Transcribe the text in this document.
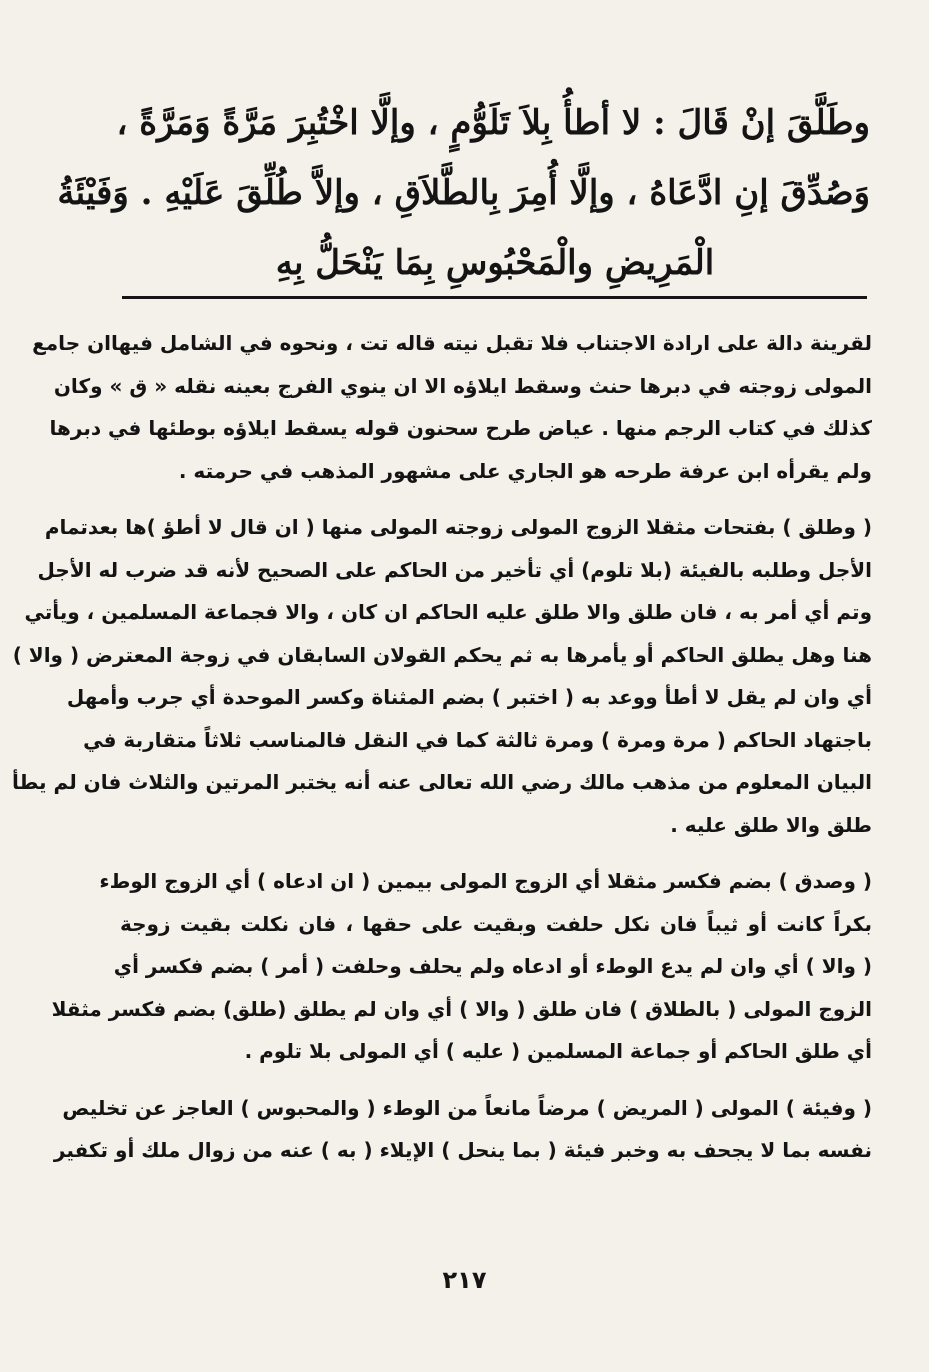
وطَلَّقَ إنْ قَالَ : لا أطأُ بِلاَ تَلَوُّمٍ ، وإلَّا اخْتُبِرَ مَرَّةً وَمَرَّةً ،
وَصُدِّقَ إنِ ادَّعَاهُ ، وإلَّا أُمِرَ بِالطَّلاَقِ ، وإلاَّ طُلِّقَ عَلَيْهِ . وَفَيْئَةُ
الْمَرِيضِ والْمَحْبُوسِ بِمَا يَنْحَلُّ بِهِ
لقرينة دالة على ارادة الاجتناب فلا تقبل نيته قاله تت ، ونحوه في الشامل فيهاان جامع
المولى زوجته في دبرها حنث وسقط ايلاؤه الا ان ينوي الفرج بعينه نقله « ق » وكان
كذلك في كتاب الرجم منها . عياض طرح سحنون قوله يسقط ايلاؤه بوطئها في دبرها
ولم يقرأه ابن عرفة طرحه هو الجاري على مشهور المذهب في حرمته .
( وطلق ) بفتحات مثقلا الزوج المولى زوجته المولى منها ( ان قال لا أطؤ )ها بعدتمام
الأجل وطلبه بالفيئة (بلا تلوم) أي تأخير من الحاكم على الصحيح لأنه قد ضرب له الأجل
وتم أي أمر به ، فان طلق والا طلق عليه الحاكم ان كان ، والا فجماعة المسلمين ، ويأتي
هنا وهل يطلق الحاكم أو يأمرها به ثم يحكم القولان السابقان في زوجة المعترض ( والا )
أي وان لم يقل لا أطأ ووعد به ( اختبر ) بضم المثناة وكسر الموحدة أي جرب وأمهل
باجتهاد الحاكم ( مرة ومرة ) ومرة ثالثة كما في النقل فالمناسب ثلاثاً متقاربة في
البيان المعلوم من مذهب مالك رضي الله تعالى عنه أنه يختبر المرتين والثلاث فان لم يطأ
طلق والا طلق عليه .
( وصدق ) بضم فكسر مثقلا أي الزوج المولى بيمين ( ان ادعاه ) أي الزوج الوطء
بكراً كانت أو ثيباً فان نكل حلفت وبقيت على حقها ، فان نكلت بقيت زوجة
( والا ) أي وان لم يدع الوطء أو ادعاه ولم يحلف وحلفت ( أمر ) بضم فكسر أي
الزوج المولى ( بالطلاق ) فان طلق ( والا ) أي وان لم يطلق (طلق) بضم فكسر مثقلا
أي طلق الحاكم أو جماعة المسلمين ( عليه ) أي المولى بلا تلوم .
( وفيئة ) المولى ( المريض ) مرضاً مانعاً من الوطء ( والمحبوس ) العاجز عن تخليص
نفسه بما لا يجحف به وخبر فيئة ( بما ينحل ) الإيلاء ( به ) عنه من زوال ملك أو تكفير
٢١٧
